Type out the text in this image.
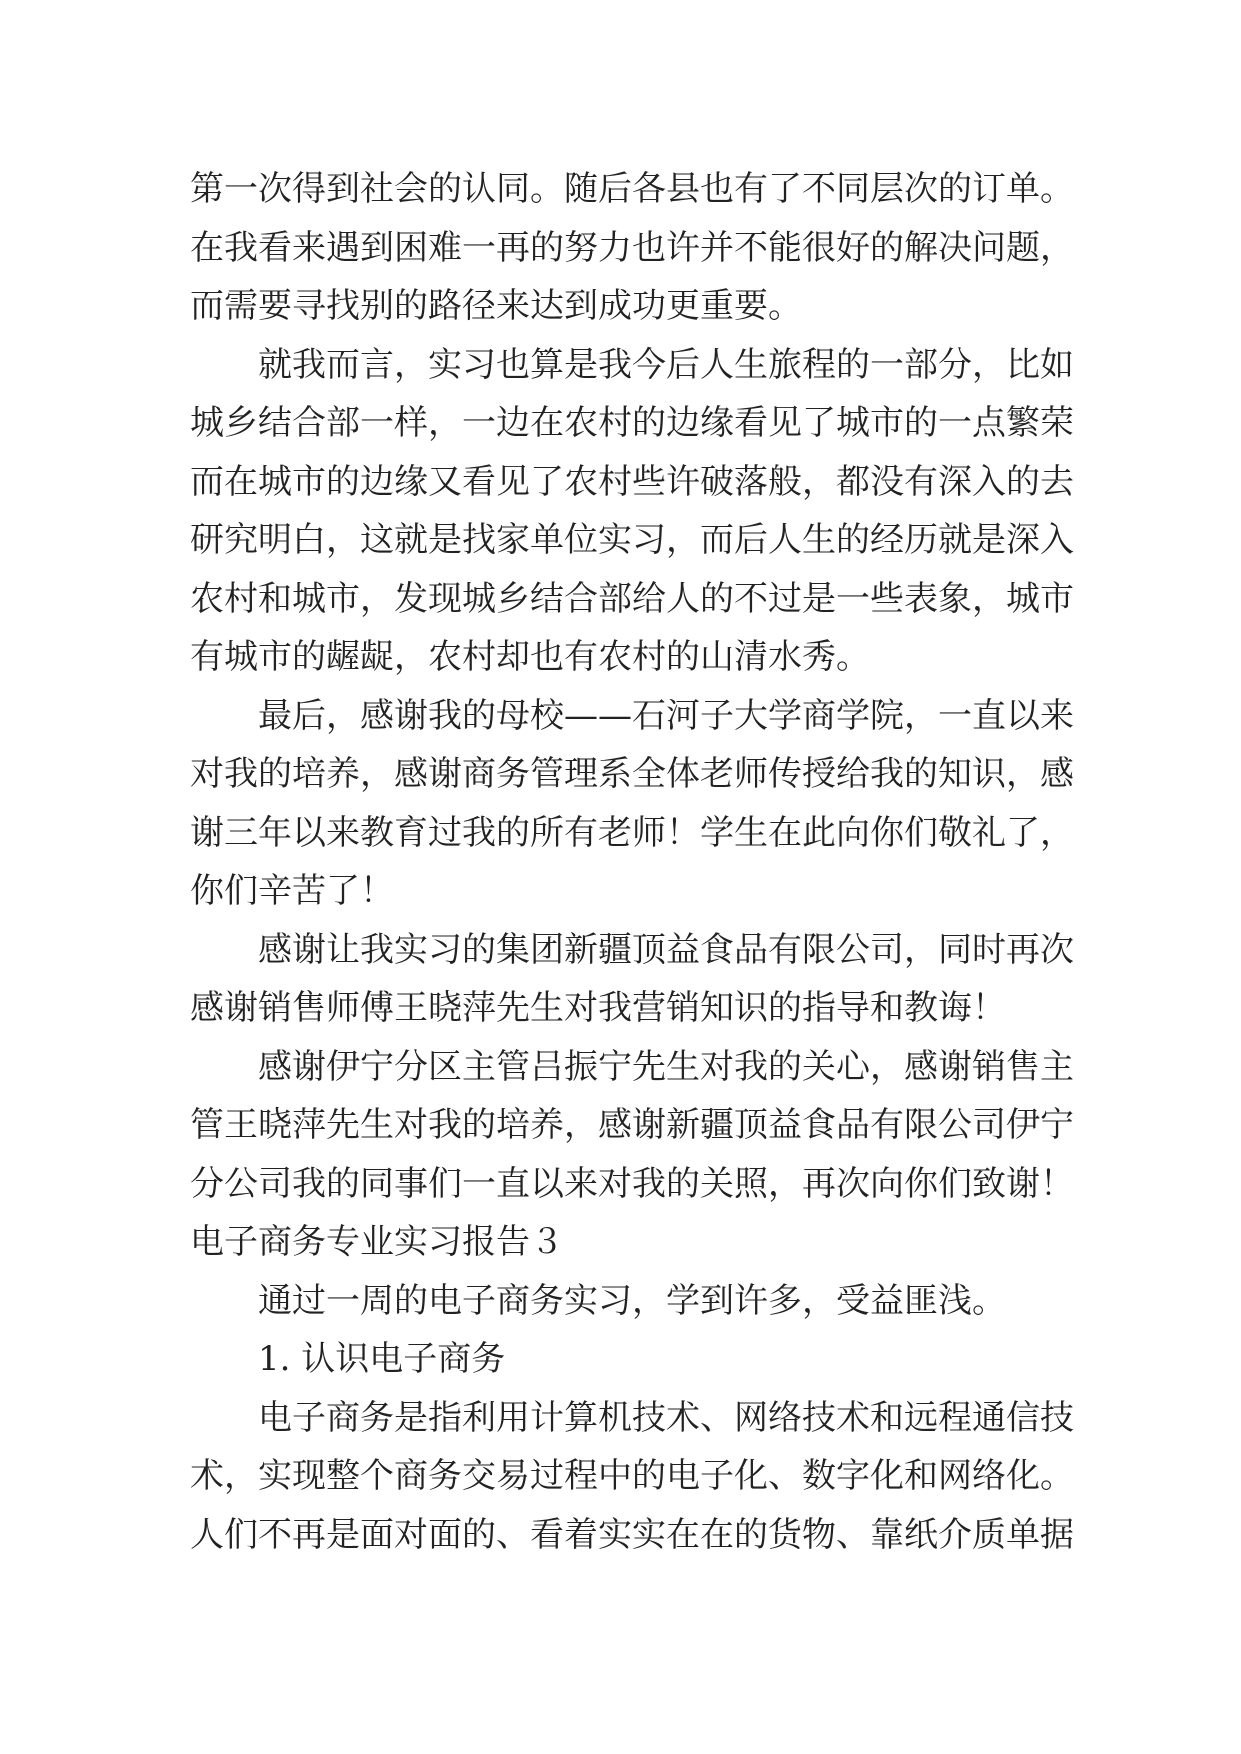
第一次得到社会的认同。随后各县也有了不同层次的订单。
在我看来遇到困难一再的努力也许并不能很好的解决问题，
而需要寻找别的路径来达到成功更重要。
就我而言，实习也算是我今后人生旅程的一部分，比如
城乡结合部一样，一边在农村的边缘看见了城市的一点繁荣
而在城市的边缘又看见了农村些许破落般，都没有深入的去
研究明白，这就是找家单位实习，而后人生的经历就是深入
农村和城市，发现城乡结合部给人的不过是一些表象，城市
有城市的龌龊，农村却也有农村的山清水秀。
最后，感谢我的母校——石河子大学商学院，一直以来
对我的培养，感谢商务管理系全体老师传授给我的知识，感
谢三年以来教育过我的所有老师！学生在此向你们敬礼了，
你们辛苦了！
感谢让我实习的集团新疆顶益食品有限公司，同时再次
感谢销售师傅王晓萍先生对我营销知识的指导和教诲！
感谢伊宁分区主管吕振宁先生对我的关心，感谢销售主
管王晓萍先生对我的培养，感谢新疆顶益食品有限公司伊宁
分公司我的同事们一直以来对我的关照，再次向你们致谢！
电子商务专业实习报告３
通过一周的电子商务实习，学到许多，受益匪浅。
1. 认识电子商务
电子商务是指利用计算机技术、网络技术和远程通信技
术，实现整个商务交易过程中的电子化、数字化和网络化。
人们不再是面对面的、看着实实在在的货物、靠纸介质单据
